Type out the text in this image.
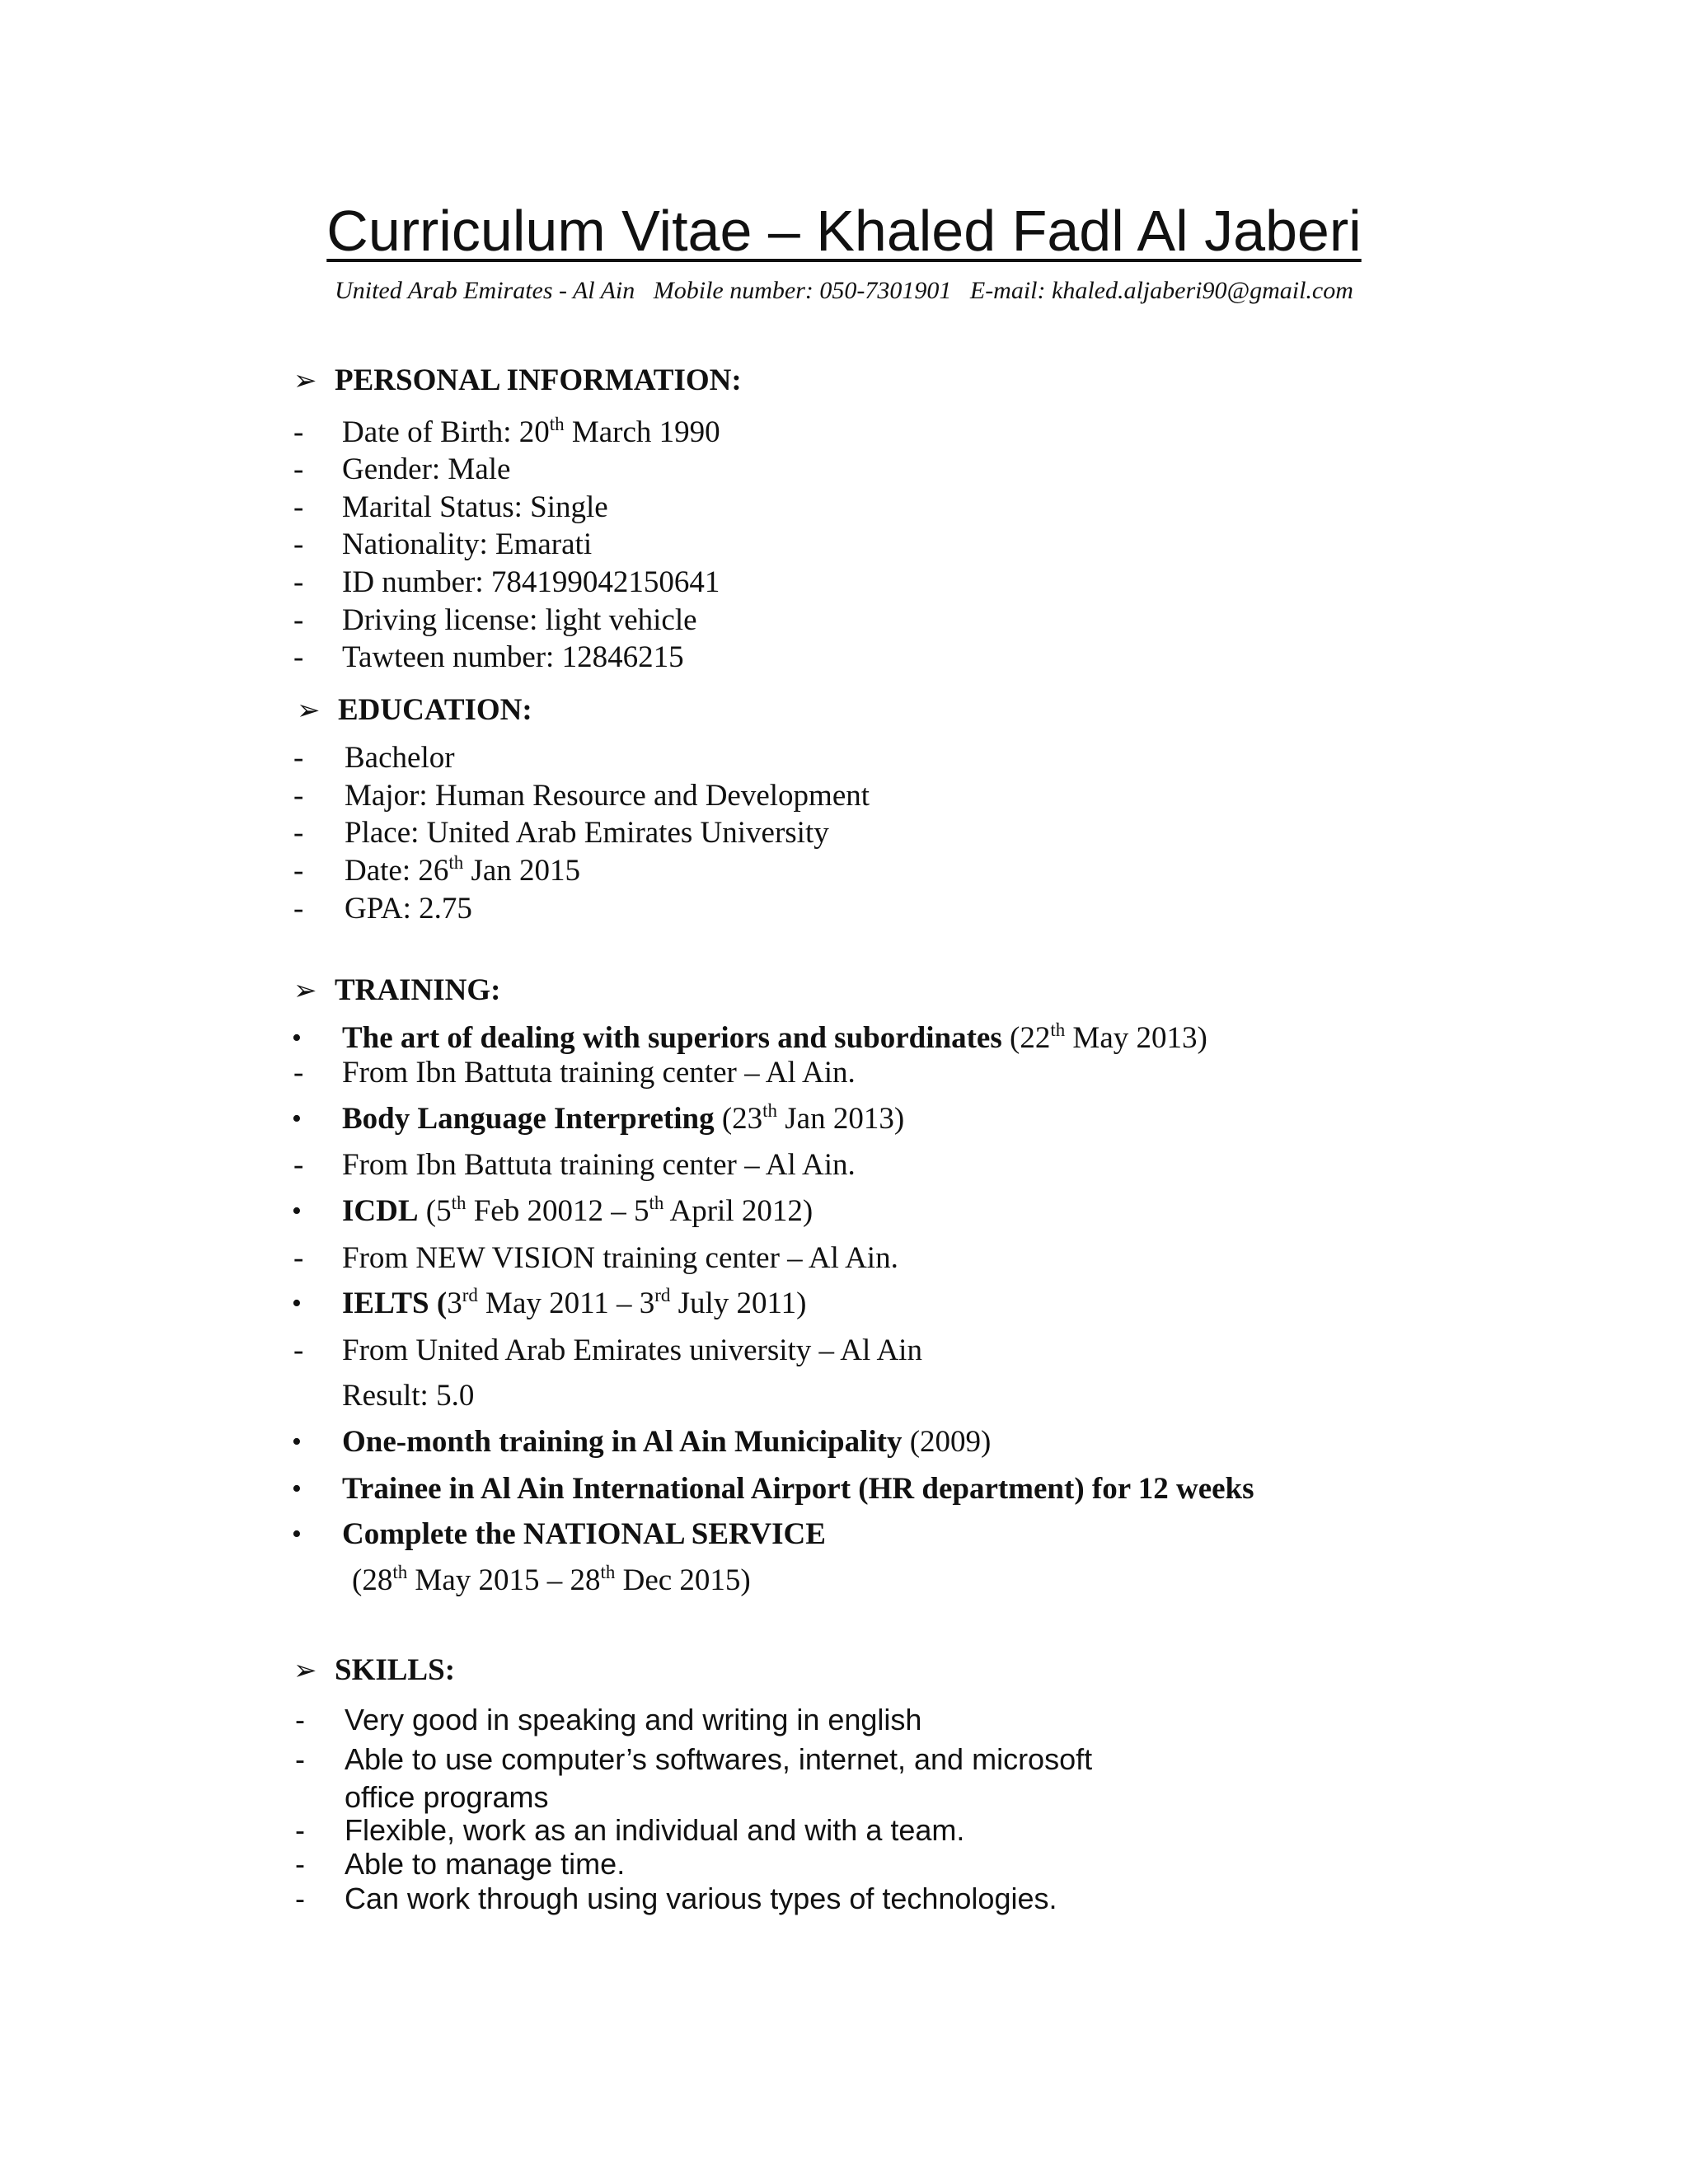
Curriculum Vitae – Khaled Fadl Al Jaberi
United Arab Emirates - Al Ain   Mobile number: 050-7301901   E-mail: khaled.aljaberi90@gmail.com
➢ PERSONAL INFORMATION:
- Date of Birth: 20th March 1990
- Gender: Male
- Marital Status: Single
- Nationality: Emarati
- ID number: 784199042150641
- Driving license: light vehicle
- Tawteen number: 12846215
➢ EDUCATION:
- Bachelor
- Major: Human Resource and Development
- Place: United Arab Emirates University
- Date: 26th Jan 2015
- GPA: 2.75
➢ TRAINING:
• The art of dealing with superiors and subordinates (22th May 2013)
- From Ibn Battuta training center – Al Ain.
• Body Language Interpreting (23th Jan 2013)
- From Ibn Battuta training center – Al Ain.
• ICDL (5th Feb 20012 – 5th April 2012)
- From NEW VISION training center – Al Ain.
• IELTS (3rd May 2011 – 3rd July 2011)
- From United Arab Emirates university – Al Ain
Result: 5.0
• One-month training in Al Ain Municipality (2009)
• Trainee in Al Ain International Airport (HR department) for 12 weeks
• Complete the NATIONAL SERVICE
(28th May 2015 – 28th Dec 2015)
➢ SKILLS:
- Very good in speaking and writing in english
- Able to use computer’s softwares, internet, and microsoft
office programs
- Flexible, work as an individual and with a team.
- Able to manage time.
- Can work through using various types of technologies.
